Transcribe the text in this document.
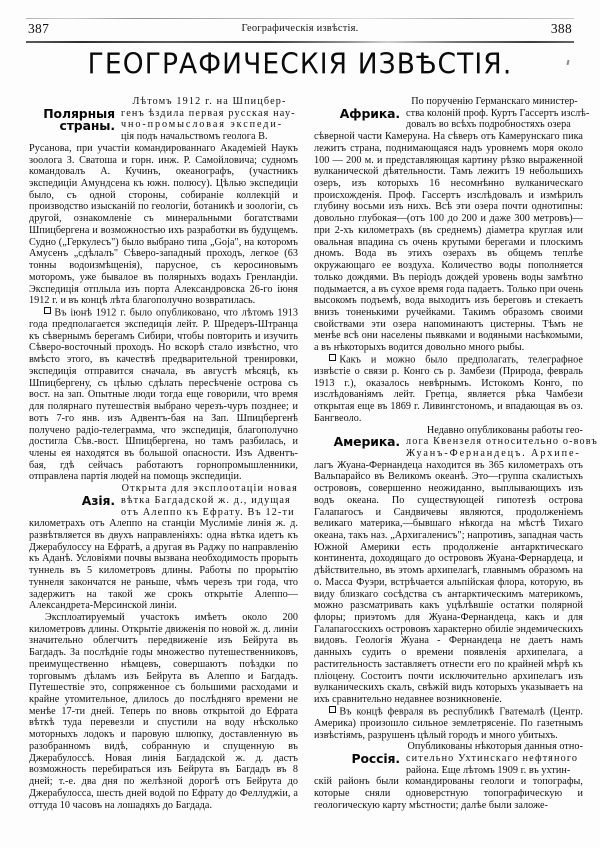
387	Географическія извѣстія.	388
ГЕОГРАФИЧЕСКІЯ ИЗВѢСТІЯ.
Полярныя
страны.
Лѣтомъ 1912 г. на Шпицбер-
генъ ѣздила первая русская нау-
чно-промысловая экспеди-
ція подъ начальствомъ геолога В.

Русанова, при участіи командированнаго Академіей Наукъ зоолога З. Сватоша и горн. инж. Р. Самойловича; судномъ командовалъ А. Кучинъ, океанографъ, (участникъ экспедиціи Амундсена къ южн. полюсу). Цѣлью экспедиціи было, съ одной стороны, собираніе коллекцій и производство изысканій по геологіи, ботаникѣ и зоологіи, съ другой, ознакомленіе съ минеральными богатствами Шпицбергена и возможностью ихъ разработки въ будущемъ. Судно („Геркулесъ") было выбрано типа „Goja", на которомъ Амусенъ „сдѣлалъ" Сѣверо-западный проходъ, легкое (63 тонны водоизмѣщенія), парусное, съ керосиновымъ моторомъ, уже бывалое въ полярныхъ водахъ Гренландіи. Экспедиція отплыла изъ порта Александровска 26-го іюня 1912 г. и въ концѣ лѣта благополучно возвратилась.

Въ іюнѣ 1912 г. было опубликовано, что лѣтомъ 1913 года предполагается экспедиція лейт. Р. Шредеръ-Штранца къ сѣвернымъ берегамъ Сибири, чтобы повторить и изучить Сѣверо-восточный проходъ. Но вскорѣ стало извѣстно, что вмѣсто этого, въ качествѣ предварительной тренировки, экспедиція отправится сначала, въ августѣ мѣсяцѣ, къ Шпицбергену, съ цѣлью сдѣлать пересѣченіе острова съ вост. на зап. Опытные люди тогда еще говорили, что время для полярнаго путешествія выбрано черезъ-чуръ позднее; и вотъ 7-го янв. изъ Адвентъ-бая на Зап. Шпицбергенѣ получено радіо-телеграмма, что экспедиція, благополучно достигла Сѣв.-вост. Шпицбергена, но тамъ разбилась, и члены ея находятся въ большой опасности. Изъ Адвентъ-бая, гдѣ сейчасъ работаютъ горнопромышленники, отправлена партія людей на помощь экспедиціи.

Азія.
Открыта для эксплоотаціи новая
вѣтка Багдадской ж. д., идущая
отъ Алеппо къ Ефрату. Въ 12-ти

километрахъ отъ Алеппо на станціи Муслиміе линія ж. д. развѣтвляется въ двухъ направленіяхъ: одна вѣтка идетъ къ Джерабулоссу на Ефратѣ, а другая въ Раджу по направленію къ Аданѣ. Условіями почвы вызвана необходимость прорыть туннель въ 5 километровъ длины. Работы по прорытію туннеля закончатся не раньше, чѣмъ черезъ три года, что задержитъ на такой же срокъ открытіе Алеппо—Александрета-Мерсинской линіи.

Эксплоатируемый участокъ имѣетъ около 200 километровъ длины. Открытіе движенія по новой ж. д. линіи значительно облегчитъ передвиженіе изъ Бейрута въ Багдадъ. За послѣдніе годы множество путешественниковъ, преимущественно нѣмцевъ, совершаютъ поѣздки по торговымъ дѣламъ изъ Бейрута въ Алеппо и Багдадъ. Путешествіе это, сопряженное съ большими расходами и крайне утомительное, длилось до послѣдняго времени не менѣе 17-ти дней. Теперь по вновь открытой до Ефрата вѣткѣ туда перевезли и спустили на воду нѣсколько моторныхъ лодокъ и паровую шлюпку, доставленную въ разобранномъ видѣ, собранную и спущенную въ Джерабулоссѣ. Новая линія Багдадской ж. д. дастъ возможность перебираться изъ Бейрута въ Багдадъ въ 8 дней; т.-е. два дня по желѣзной дорогѣ отъ Бейрута до Джерабулосса, шесть дней водой по Ефрату до Феллуджіи, а оттуда 10 часовъ на лошадяхъ до Багдада.

Африка.
По порученію Германскаго министер-
ства колоній проф. Куртъ Гассертъ изслѣ-
довалъ во всѣхъ подробностяхъ озера

сѣверной части Камеруна. На сѣверъ отъ Камерунскаго пика лежитъ страна, поднимающаяся надъ уровнемъ моря около 100 — 200 м. и представляющая картину рѣзко выраженной вулканической дѣятельности. Тамъ лежитъ 19 небольшихъ озеръ, изъ которыхъ 16 несомнѣнно вулканическаго происхожденія. Проф. Гассертъ изслѣдовалъ и измѣрилъ глубину восьми изъ нихъ. Всѣ эти озера почти однотипны: довольно глубокая—(отъ 100 до 200 и даже 300 метровъ)—при 2-хъ километрахъ (въ среднемъ) діаметра круглая или овальная впадина съ очень крутыми берегами и плоскимъ дномъ. Вода въ этихъ озерахъ въ общемъ теплѣе окружающаго ее воздуха. Количество воды пополняется только дождями. Въ періодъ дождей уровень воды замѣтно подымается, а въ сухое время года падаетъ. Только при очень высокомъ подъемѣ, вода выходитъ изъ береговъ и стекаетъ внизъ тоненькими ручейками. Такимъ образомъ своими свойствами эти озера напоминаютъ цистерны. Тѣмъ не менѣе всѣ они населены пьявками и водяными насѣкомыми, а въ нѣкоторыхъ водится довольно много рыбы.

Какъ и можно было предполагать, телеграфное извѣстіе о связи р. Конго съ р. Замбези (Природа, февраль 1913 г.), оказалось невѣрнымъ. Истокомъ Конго, по изслѣдованіямъ лейт. Гретца, является рѣка Чамбези открытая еще въ 1869 г. Ливингстономъ, и впадающая въ оз. Бангвеоло.

Америка.
Недавно опубликованы работы гео-
лога Квензеля относительно о-вовъ
Жуанъ-Фернандецъ. Архипе-

лагъ Жуана-Фернандеца находится въ 365 километрахъ отъ Вальпарайсо въ Великомъ океанѣ. Это—группа скалистыхъ острововъ, совершенно неожиданно, выплывающихъ изъ водъ океана. По существующей гипотезѣ острова Галапагосъ и Сандвичевы являются, продолженіемъ великаго материка,—бывшаго нѣкогда на мѣстѣ Тихаго океана, такъ наз. „Архигаленисъ"; напротивъ, западная часть Южной Америки есть продолженіе антарктическаго континента, доходящаго до острововъ Жуана-Фернардеца, и дѣйствительно, въ этомъ архипелагѣ, главнымъ образомъ на о. Масса Фуэри, встрѣчается альпійская флора, которую, въ виду близкаго сосѣдства съ антарктическимъ материкомъ, можно разсматривать какъ уцѣлѣвшіе остатки полярной флоры; приэтомъ для Жуана-Фернандеца, какъ и для Галапагосскихъ острововъ характерно обиліе эндемическихъ видовъ. Геологія Жуана - Фернандеца не даетъ намъ данныхъ судить о времени появленія архипелага, а растительность заставляетъ отнести его по крайней мѣрѣ къ пліоцену. Состоитъ почти исключительно архипелагъ изъ вулканическихъ скалъ, свѣжій видъ которыхъ указываетъ на ихъ сравнительно недавнее возникновеніе.

Въ концѣ февраля въ республикѣ Гватемалѣ (Центр. Америка) произошло сильное землетрясеніе. По газетнымъ извѣстіямъ, разрушенъ цѣлый городъ и много убитыхъ.

Россія.
Опубликованы нѣкоторыя данныя отно-
сительно Ухтинскаго нефтяного
района. Еще лѣтомъ 1909 г. въ ухтин-

скій районъ были командированы геологи и топографы, которые сняли одноверстную топографическую и геологическую карту мѣстности; далѣе были заложе-
